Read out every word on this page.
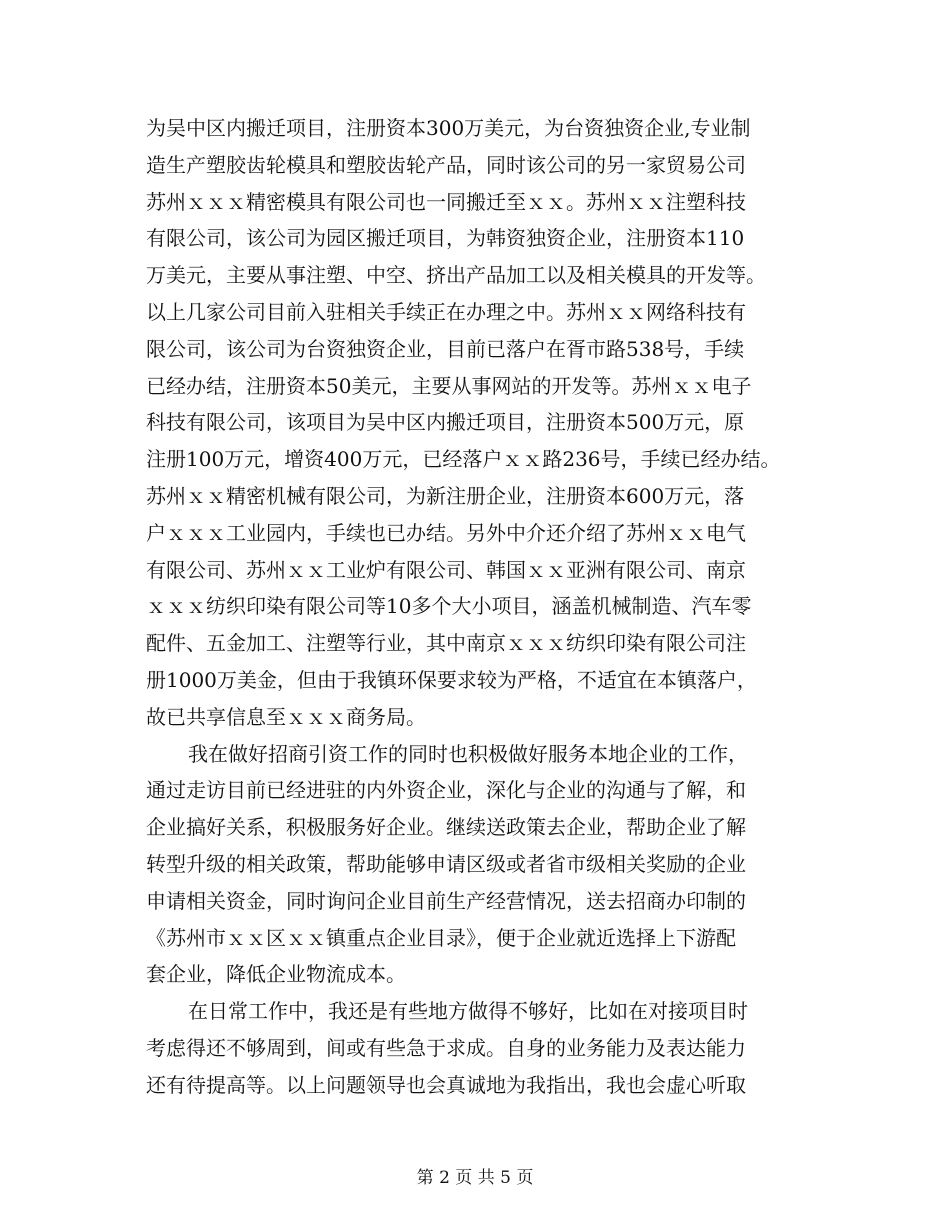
为吴中区内搬迁项目，注册资本300万美元，为台资独资企业,专业制
造生产塑胶齿轮模具和塑胶齿轮产品，同时该公司的另一家贸易公司
苏州ｘｘｘ精密模具有限公司也一同搬迁至ｘｘ。苏州ｘｘ注塑科技
有限公司，该公司为园区搬迁项目，为韩资独资企业，注册资本110
万美元，主要从事注塑、中空、挤出产品加工以及相关模具的开发等。
以上几家公司目前入驻相关手续正在办理之中。苏州ｘｘ网络科技有
限公司，该公司为台资独资企业，目前已落户在胥市路538号，手续
已经办结，注册资本50美元，主要从事网站的开发等。苏州ｘｘ电子
科技有限公司，该项目为吴中区内搬迁项目，注册资本500万元，原
注册100万元，增资400万元，已经落户ｘｘ路236号，手续已经办结。
苏州ｘｘ精密机械有限公司，为新注册企业，注册资本600万元，落
户ｘｘｘ工业园内，手续也已办结。另外中介还介绍了苏州ｘｘ电气
有限公司、苏州ｘｘ工业炉有限公司、韩国ｘｘ亚洲有限公司、南京
ｘｘｘ纺织印染有限公司等10多个大小项目，涵盖机械制造、汽车零
配件、五金加工、注塑等行业，其中南京ｘｘｘ纺织印染有限公司注
册1000万美金，但由于我镇环保要求较为严格，不适宜在本镇落户，
故已共享信息至ｘｘｘ商务局。
我在做好招商引资工作的同时也积极做好服务本地企业的工作，
通过走访目前已经进驻的内外资企业，深化与企业的沟通与了解，和
企业搞好关系，积极服务好企业。继续送政策去企业，帮助企业了解
转型升级的相关政策，帮助能够申请区级或者省市级相关奖励的企业
申请相关资金，同时询问企业目前生产经营情况，送去招商办印制的
《苏州市ｘｘ区ｘｘ镇重点企业目录》，便于企业就近选择上下游配
套企业，降低企业物流成本。
在日常工作中，我还是有些地方做得不够好，比如在对接项目时
考虑得还不够周到，间或有些急于求成。自身的业务能力及表达能力
还有待提高等。以上问题领导也会真诚地为我指出，我也会虚心听取
第 2 页 共 5 页
